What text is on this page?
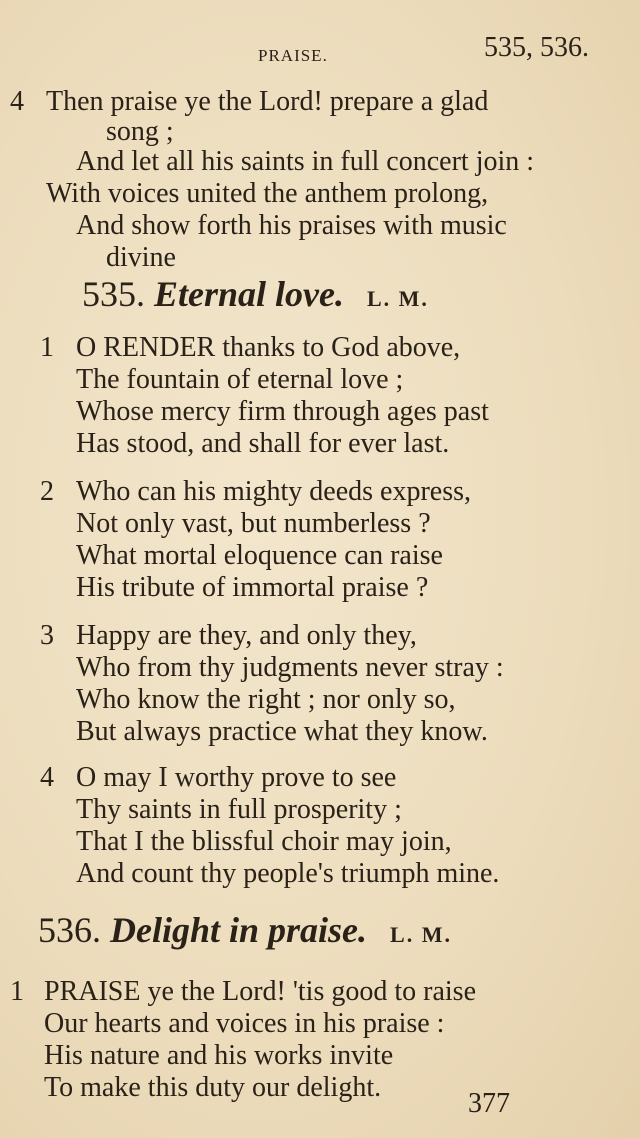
PRAISE.	535, 536.
4 Then praise ye the Lord! prepare a glad
song ;
And let all his saints in full concert join :
With voices united the anthem prolong,
And show forth his praises with music
divine
535. Eternal love. L. M.
1 O RENDER thanks to God above,
The fountain of eternal love ;
Whose mercy firm through ages past
Has stood, and shall for ever last.
2 Who can his mighty deeds express,
Not only vast, but numberless ?
What mortal eloquence can raise
His tribute of immortal praise ?
3 Happy are they, and only they,
Who from thy judgments never stray :
Who know the right ; nor only so,
But always practice what they know.
4 O may I worthy prove to see
Thy saints in full prosperity ;
That I the blissful choir may join,
And count thy people's triumph mine.
536. Delight in praise. L. M.
1 PRAISE ye the Lord! 'tis good to raise
Our hearts and voices in his praise :
His nature and his works invite
To make this duty our delight.
377
